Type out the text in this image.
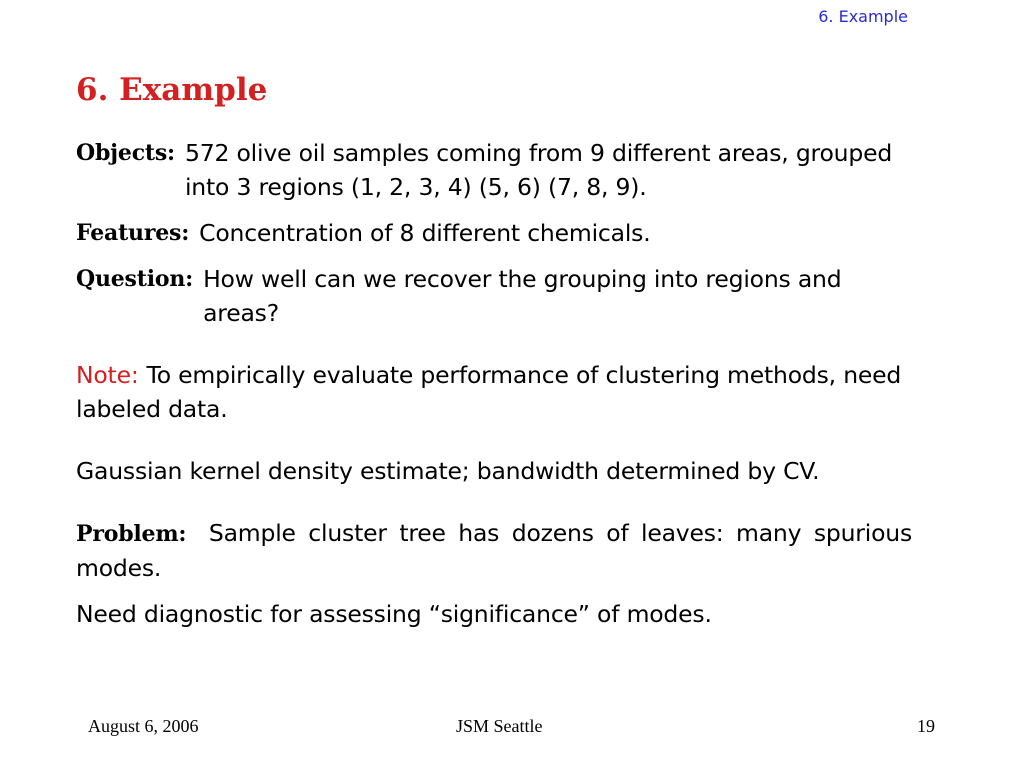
6. Example
6. Example
Objects: 572 olive oil samples coming from 9 different areas, grouped into 3 regions (1, 2, 3, 4) (5, 6) (7, 8, 9).
Features: Concentration of 8 different chemicals.
Question: How well can we recover the grouping into regions and areas?

Note: To empirically evaluate performance of clustering methods, need labeled data.

Gaussian kernel density estimate; bandwidth determined by CV.

Problem: Sample cluster tree has dozens of leaves: many spurious modes.

Need diagnostic for assessing “significance” of modes.

August 6, 2006	JSM Seattle	19
